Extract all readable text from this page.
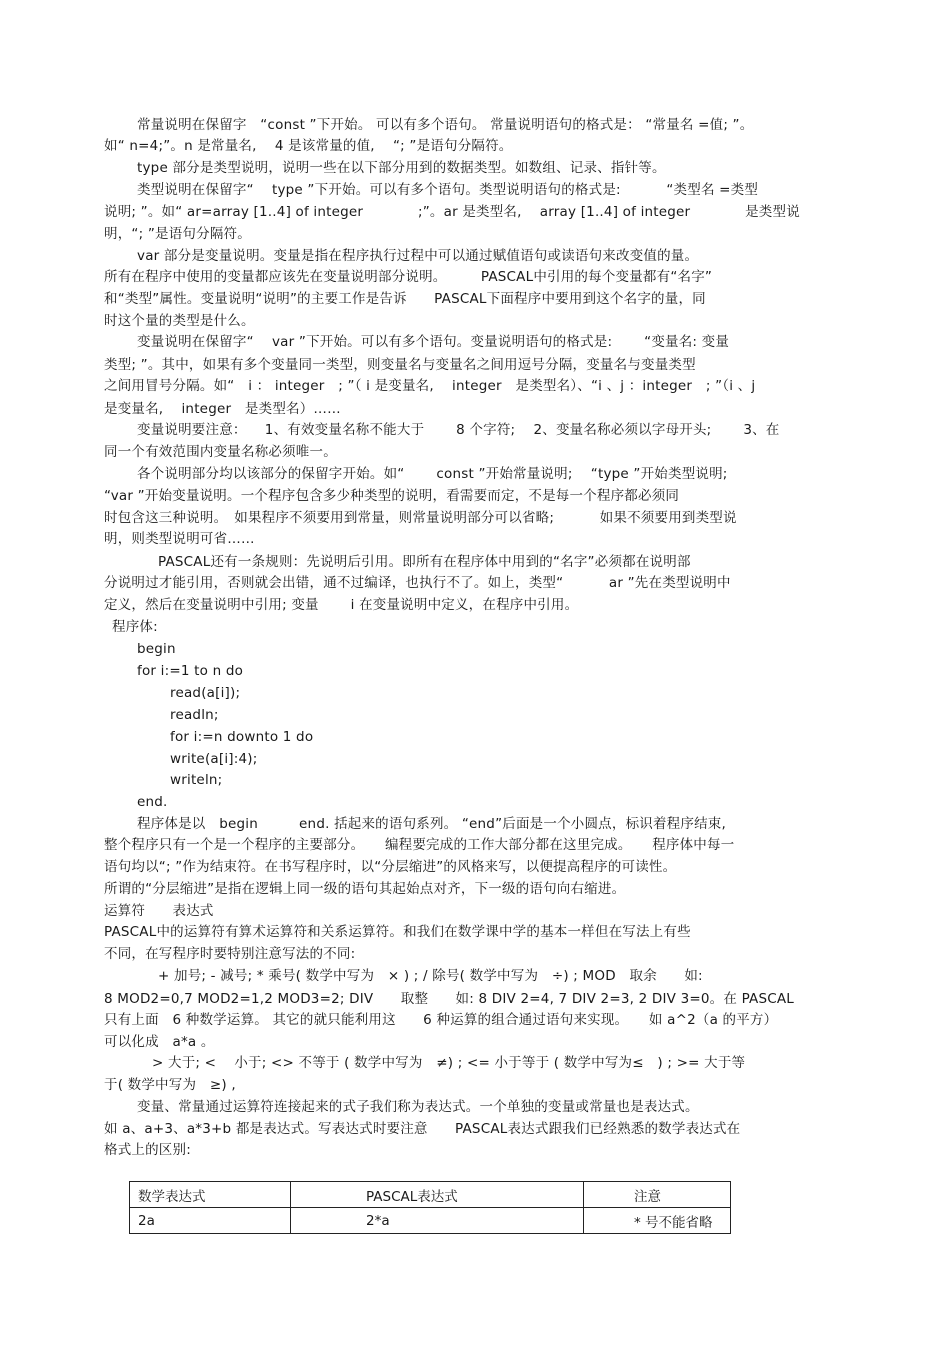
常量说明在保留字　“const ”下开始。 可以有多个语句。 常量说明语句的格式是： “常量名 =值; ”。
如“ n=4;”。n 是常量名, 　4 是该常量的值, 　“; ”是语句分隔符。
type 部分是类型说明，说明一些在以下部分用到的数据类型。如数组、记录、指针等。
类型说明在保留字“ 　type ”下开始。可以有多个语句。类型说明语句的格式是: 　　　“类型名 =类型
说明; ”。如“ ar=array [1..4] of integer　　　　;”。ar 是类型名, 　array [1..4] of integer　　　　是类型说
明，“; ”是语句分隔符。
var 部分是变量说明。变量是指在程序执行过程中可以通过赋值语句或读语句来改变值的量。
所有在程序中使用的变量都应该先在变量说明部分说明。　　　PASCAL中引用的每个变量都有“名字”
和“类型”属性。变量说明“说明”的主要工作是告诉　　PASCAL下面程序中要用到这个名字的量，同
时这个量的类型是什么。
变量说明在保留字“ 　var ”下开始。可以有多个语句。变量说明语句的格式是: 　　“变量名: 变量
类型; ”。其中，如果有多个变量同一类型，则变量名与变量名之间用逗号分隔，变量名与变量类型
之间用冒号分隔。如“　i ： integer　; ”（ i 是变量名, 　integer　是类型名）、“i 、j ：integer　; ”（i 、j
是变量名, 　integer　是类型名）……
变量说明要注意： 　1、有效变量名称不能大于 　　8 个字符; 　2、变量名称必须以字母开头; 　　3、在
同一个有效范围内变量名称必须唯一。
各个说明部分均以该部分的保留字开始。如“ 　　const ”开始常量说明; 　“type ”开始类型说明;
“var ”开始变量说明。一个程序包含多少种类型的说明，看需要而定，不是每一个程序都必须同
时包含这三种说明。　如果程序不须要用到常量，则常量说明部分可以省略; 　　　如果不须要用到类型说
明，则类型说明可省……
PASCAL还有一条规则：先说明后引用。即所有在程序体中用到的“名字”必须都在说明部
分说明过才能引用，否则就会出错，通不过编译，也执行不了。如上，类型“ 　　　ar ”先在类型说明中
定义，然后在变量说明中引用; 变量 　　i 在变量说明中定义，在程序中引用。
程序体:
begin
for i:=1 to n do
read(a[i]);
readln;
for i:=n downto 1 do
write(a[i]:4);
writeln;
end.
程序体是以　begin　　　end. 括起来的语句系列。 “end”后面是一个小圆点，标识着程序结束,
整个程序只有一个是一个程序的主要部分。　　编程要完成的工作大部分都在这里完成。　　程序体中每一
语句均以“; ”作为结束符。在书写程序时，以“分层缩进”的风格来写，以便提高程序的可读性。
所谓的“分层缩进”是指在逻辑上同一级的语句其起始点对齐，下一级的语句向右缩进。
运算符　　表达式
PASCAL中的运算符有算术运算符和关系运算符。和我们在数学课中学的基本一样但在写法上有些
不同，在写程序时要特别注意写法的不同:
+ 加号; - 减号; * 乘号( 数学中写为　× ) ; / 除号( 数学中写为　÷) ; MOD　取余　　如:
8 MOD2=0,7 MOD2=1,2 MOD3=2; DIV　　取整　　如: 8 DIV 2=4, 7 DIV 2=3, 2 DIV 3=0。在 PASCAL
只有上面　6 种数学运算。 其它的就只能利用这　　6 种运算的组合通过语句来实现。　　如 a^2（a 的平方）
可以化成　a*a 。
> 大于; < 　小于; <> 不等于 ( 数学中写为　≠) ; <= 小于等于 ( 数学中写为≤　) ; >= 大于等
于( 数学中写为　≥) ,
变量、常量通过运算符连接起来的式子我们称为表达式。一个单独的变量或常量也是表达式。
如 a、a+3、a*3+b 都是表达式。写表达式时要注意　　PASCAL表达式跟我们已经熟悉的数学表达式在
格式上的区别:
数学表达式	PASCAL表达式	注意
2a	2*a	* 号不能省略
